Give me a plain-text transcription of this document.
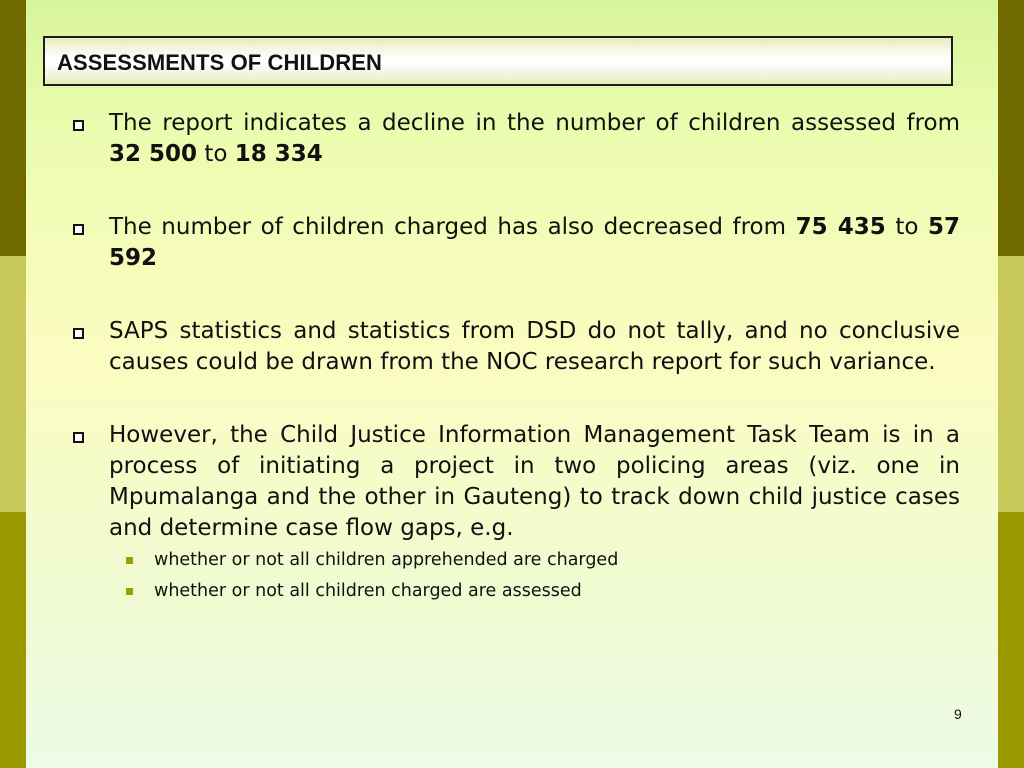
ASSESSMENTS OF CHILDREN
The report indicates a decline in the number of children assessed from 32 500 to 18 334
The number of children charged has also decreased from 75 435 to 57 592
SAPS statistics and statistics from DSD do not tally, and no conclusive causes could be drawn from the NOC research report for such variance.
However, the Child Justice Information Management Task Team is in a process of initiating a project in two policing areas (viz. one in Mpumalanga and the other in Gauteng) to track down child justice cases and determine case flow gaps, e.g.
whether or not all children apprehended are charged
whether or not all children charged are assessed
9
